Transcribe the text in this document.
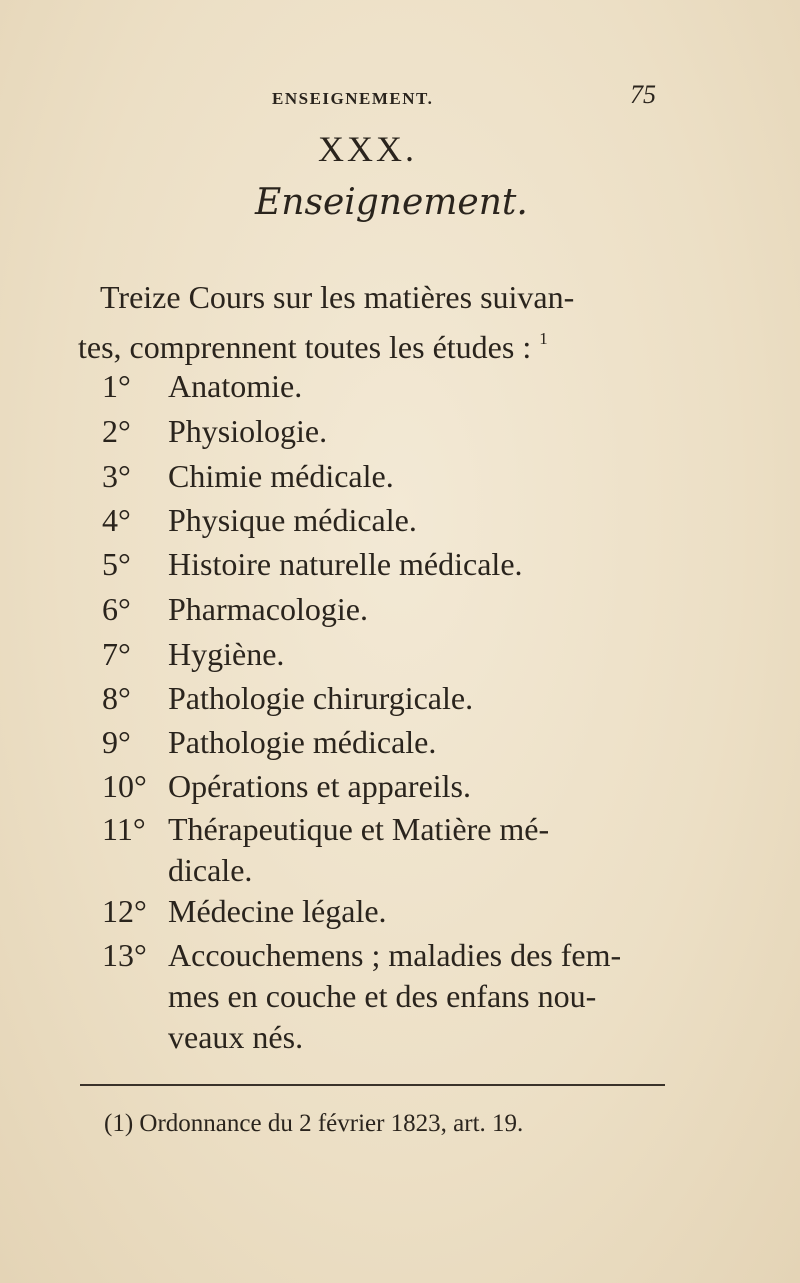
ENSEIGNEMENT.	75
XXX.
Enseignement.
Treize Cours sur les matières suivan-
tes, comprennent toutes les études : $^1$
1° Anatomie.
2° Physiologie.
3° Chimie médicale.
4° Physique médicale.
5° Histoire naturelle médicale.
6° Pharmacologie.
7° Hygiène.
8° Pathologie chirurgicale.
9° Pathologie médicale.
10° Opérations et appareils.
11° Thérapeutique et Matière mé-
dicale.
12° Médecine légale.
13° Accouchemens ; maladies des fem-
mes en couche et des enfans nou-
veaux nés.
(1) Ordonnance du 2 février 1823, art. 19.
